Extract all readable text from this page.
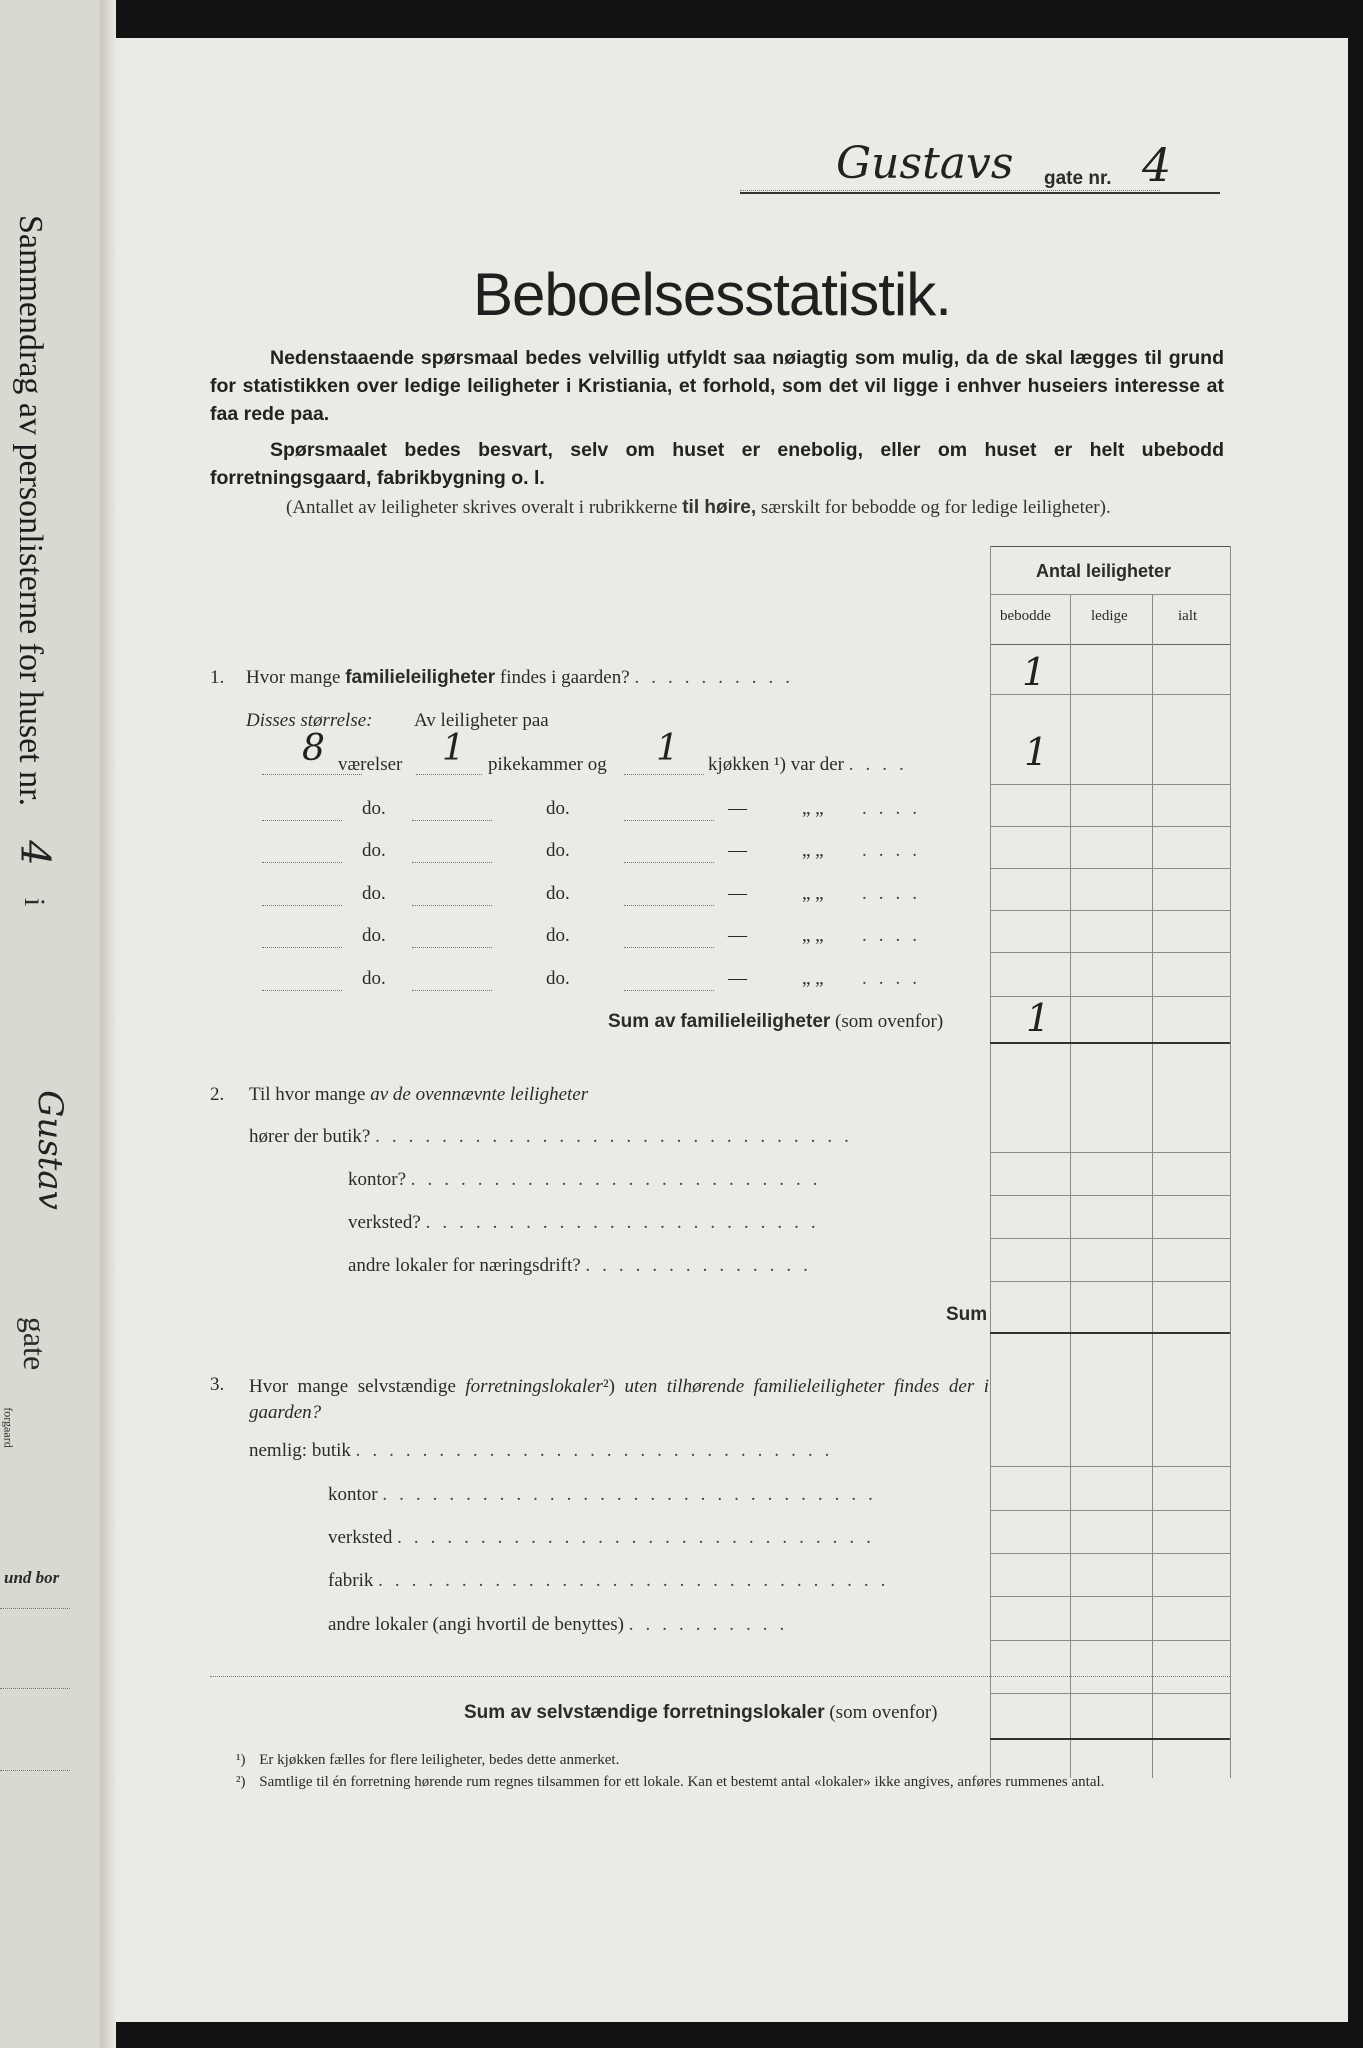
Sammendrag av personlisterne for huset nr.
4
i
Gustav
gate
forgaard
und bor
Gustavs gate nr. 4
Beboelsesstatistik.
Nedenstaaende spørsmaal bedes velvillig utfyldt saa nøiagtig som mulig, da de skal lægges til grund for statistikken over ledige leiligheter i Kristiania, et forhold, som det vil ligge i enhver huseiers interesse at faa rede paa.
Spørsmaalet bedes besvart, selv om huset er enebolig, eller om huset er helt ubebodd forretningsgaard, fabrikbygning o. l.
(Antallet av leiligheter skrives overalt i rubrikkerne til høire, særskilt for bebodde og for ledige leiligheter).
Antal leiligheter
bebodde	ledige	ialt
1. Hvor mange familieleiligheter findes i gaarden? ..........	1
Disses størrelse: Av leiligheter paa
8 værelser 1 pikekammer og 1 kjøkken ¹) var der ....	1
do.	do.	—	„ „ ....
do.	do.	—	„ „ ....
do.	do.	—	„ „ ....
do.	do.	—	„ „ ....
do.	do.	—	„ „ ....
Sum av familieleiligheter (som ovenfor) 1
2. Til hvor mange av de ovennævnte leiligheter
hører der butik? .............................
kontor? .........................
verksted? ........................
andre lokaler for næringsdrift? ..............
Sum
3. Hvor mange selvstændige forretningslokaler²) uten tilhørende familieleiligheter findes der i gaarden?
nemlig: butik .............................
kontor ..............................
verksted .............................
fabrik ...............................
andre lokaler (angi hvortil de benyttes) ..........
Sum av selvstændige forretningslokaler (som ovenfor)
¹) Er kjøkken fælles for flere leiligheter, bedes dette anmerket.
²) Samtlige til én forretning hørende rum regnes tilsammen for ett lokale. Kan et bestemt antal «lokaler» ikke angives, anføres rummenes antal.
